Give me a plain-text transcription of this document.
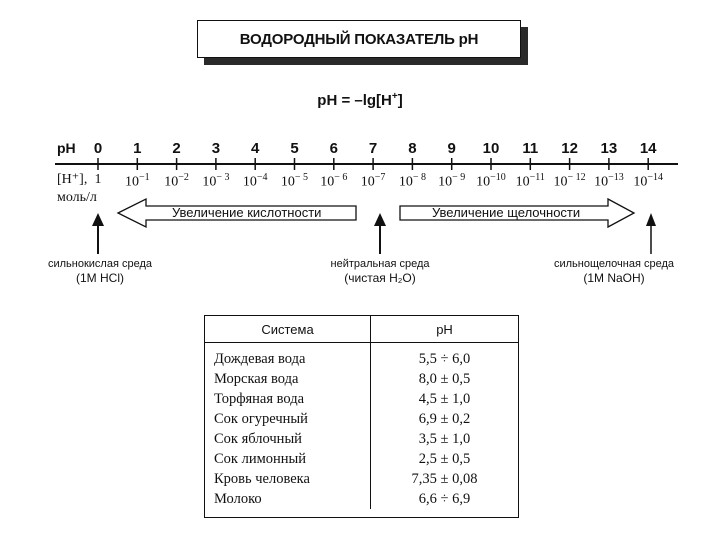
ВОДОРОДНЫЙ ПОКАЗАТЕЛЬ рН
pH = –lg[H+]
pH	0	1	2	3	4	5	6	7	8	9	10	11	12	13	14
[H⁺],
моль/л
1	$10^{-1}$	$10^{-2}$ $10^{- 3}$ $10^{-4}$ $10^{- 5}$ $10^{- 6}$ $10^{-7}$ $10^{- 8}$ $10^{- 9}$ $10^{-10}$ $10^{-11}$ $10^{- 12}$ $10^{-13}$ $10^{-14}$
Увеличение кислотности	Увеличение щелочности
сильнокислая среда
(1M HCl)
нейтральная среда
(чистая H₂O)
сильнощелочная среда
(1M NaOH)
Система	pH
Дождевая вода	5,5 ÷ 6,0
Морская вода	8,0 ± 0,5
Торфяная вода	4,5 ± 1,0
Сок огуречный	6,9 ± 0,2
Сок яблочный	3,5 ± 1,0
Сок лимонный	2,5 ± 0,5
Кровь человека	7,35 ± 0,08
Молоко	6,6 ÷ 6,9
